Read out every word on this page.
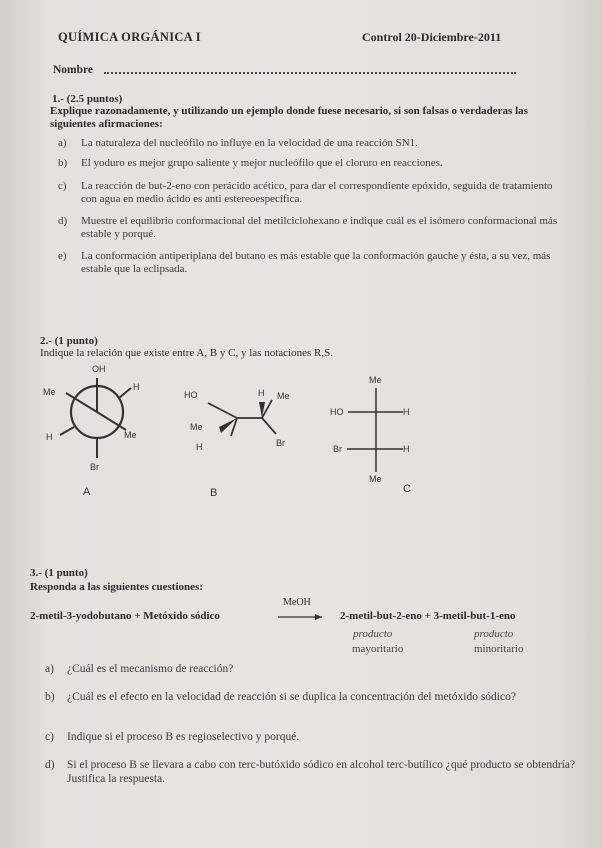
QUÍMICA ORGÁNICA I	Control 20-Diciembre-2011
Nombre
1.- (2.5 puntos)
Explique razonadamente, y utilizando un ejemplo donde fuese necesario, si son falsas o verdaderas las siguientes afirmaciones:
a) La naturaleza del nucleófilo no influye en la velocidad de una reacción SN1.
b) El yoduro es mejor grupo saliente y mejor nucleófilo que el cloruro en reacciones.
c) La reacción de but-2-eno con perácido acético, para dar el correspondiente epóxido, seguida de tratamiento con agua en medio ácido es anti estereoespecífica.
d) Muestre el equilibrio conformacional del metilciclohexano e indique cuál es el isómero conformacional más estable y porqué.
e) La conformación antiperiplana del butano es más estable que la conformación gauche y ésta, a su vez, más estable que la eclipsada.
2.- (1 punto)
Indique la relación que existe entre A, B y C, y las notaciones R,S.
OH
Me	H
H	Me
Br
A
HO	H Me
Me
H	Br
B
Me
HO	H
Br	H
Me
C
3.- (1 punto)
Responda a las siguientes cuestiones:
2-metil-3-yodobutano + Metóxido sódico
MeOH
2-metil-but-2-eno + 3-metil-but-1-eno
producto
mayoritario
producto
minoritario
a) ¿Cuál es el mecanismo de reacción?
b) ¿Cuál es el efecto en la velocidad de reacción si se duplica la concentración del metóxido sódico?
c) Indique si el proceso B es regioselectivo y porqué.
d) Si el proceso B se llevara a cabo con terc-butóxido sódico en alcohol terc-butílico ¿qué producto se obtendría? Justifica la respuesta.
